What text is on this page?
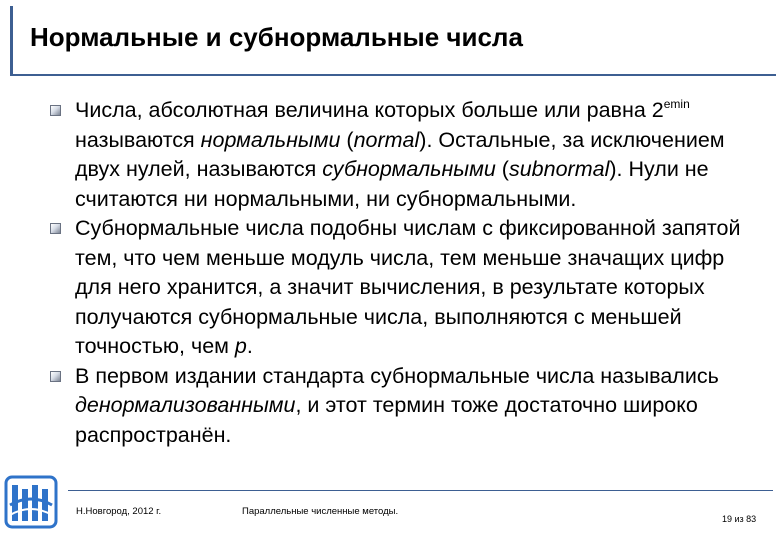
Нормальные и субнормальные числа

Числа, абсолютная величина которых больше или равна $2^{emin}$ называются нормальными (normal). Остальные, за исключением двух нулей, называются субнормальными (subnormal). Нули не считаются ни нормальными, ни субнормальными.

Субнормальные числа подобны числам с фиксированной запятой тем, что чем меньше модуль числа, тем меньше значащих цифр для него хранится, а значит вычисления, в результате которых получаются субнормальные числа, выполняются с меньшей точностью, чем p.

В первом издании стандарта субнормальные числа назывались денормализованными, и этот термин тоже достаточно широко распространён.

Н.Новгород, 2012 г.	Параллельные численные методы.
19 из 83
